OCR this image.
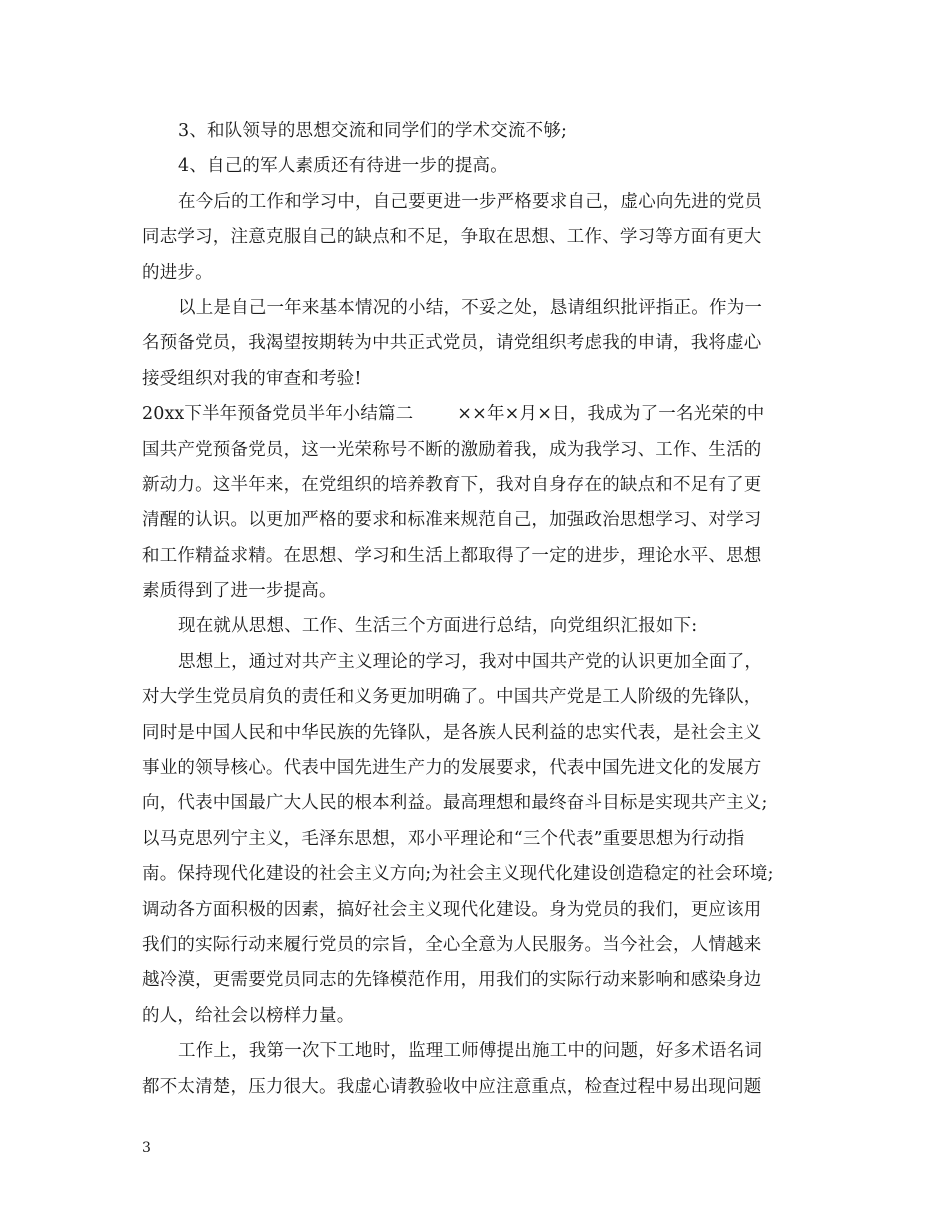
3、和队领导的思想交流和同学们的学术交流不够;
4、自己的军人素质还有待进一步的提高。
在今后的工作和学习中，自己要更进一步严格要求自己，虚心向先进的党员
同志学习，注意克服自己的缺点和不足，争取在思想、工作、学习等方面有更大
的进步。
以上是自己一年来基本情况的小结，不妥之处，恳请组织批评指正。作为一
名预备党员，我渴望按期转为中共正式党员，请党组织考虑我的申请，我将虚心
接受组织对我的审查和考验!
20xx下半年预备党员半年小结篇二	××年×月×日，我成为了一名光荣的中
国共产党预备党员，这一光荣称号不断的激励着我，成为我学习、工作、生活的
新动力。这半年来，在党组织的培养教育下，我对自身存在的缺点和不足有了更
清醒的认识。以更加严格的要求和标准来规范自己，加强政治思想学习、对学习
和工作精益求精。在思想、学习和生活上都取得了一定的进步，理论水平、思想
素质得到了进一步提高。
现在就从思想、工作、生活三个方面进行总结，向党组织汇报如下:
思想上，通过对共产主义理论的学习，我对中国共产党的认识更加全面了，
对大学生党员肩负的责任和义务更加明确了。中国共产党是工人阶级的先锋队，
同时是中国人民和中华民族的先锋队，是各族人民利益的忠实代表，是社会主义
事业的领导核心。代表中国先进生产力的发展要求，代表中国先进文化的发展方
向，代表中国最广大人民的根本利益。最高理想和最终奋斗目标是实现共产主义;
以马克思列宁主义，毛泽东思想，邓小平理论和“三个代表”重要思想为行动指
南。保持现代化建设的社会主义方向;为社会主义现代化建设创造稳定的社会环境;
调动各方面积极的因素，搞好社会主义现代化建设。身为党员的我们，更应该用
我们的实际行动来履行党员的宗旨，全心全意为人民服务。当今社会，人情越来
越冷漠，更需要党员同志的先锋模范作用，用我们的实际行动来影响和感染身边
的人，给社会以榜样力量。
工作上，我第一次下工地时，监理工师傅提出施工中的问题，好多术语名词
都不太清楚，压力很大。我虚心请教验收中应注意重点，检查过程中易出现问题
3
